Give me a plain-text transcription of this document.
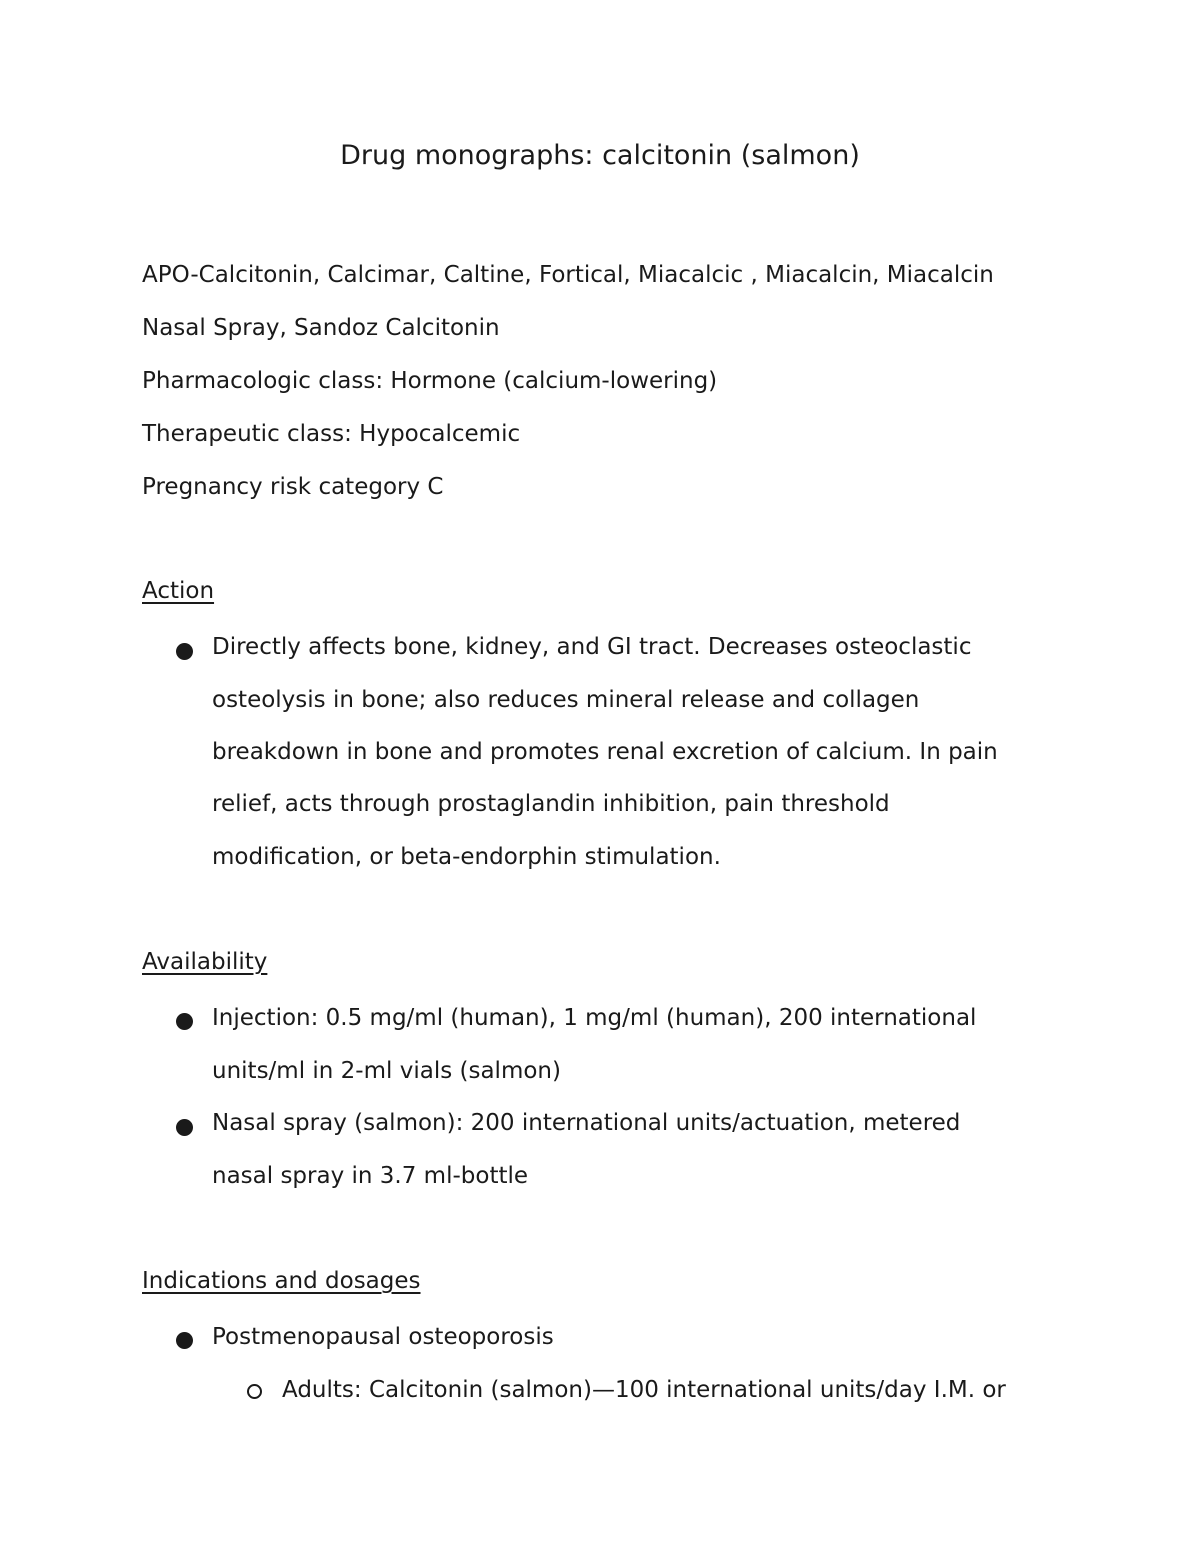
Drug monographs: calcitonin (salmon)
APO-Calcitonin, Calcimar, Caltine, Fortical, Miacalcic , Miacalcin, Miacalcin
Nasal Spray, Sandoz Calcitonin
Pharmacologic class: Hormone (calcium-lowering)
Therapeutic class: Hypocalcemic
Pregnancy risk category C
Action
Directly affects bone, kidney, and GI tract. Decreases osteoclastic
osteolysis in bone; also reduces mineral release and collagen
breakdown in bone and promotes renal excretion of calcium. In pain
relief, acts through prostaglandin inhibition, pain threshold
modification, or beta-endorphin stimulation.
Availability
Injection: 0.5 mg/ml (human), 1 mg/ml (human), 200 international
units/ml in 2-ml vials (salmon)
Nasal spray (salmon): 200 international units/actuation, metered
nasal spray in 3.7 ml-bottle
Indications and dosages
Postmenopausal osteoporosis
Adults: Calcitonin (salmon)—100 international units/day I.M. or
